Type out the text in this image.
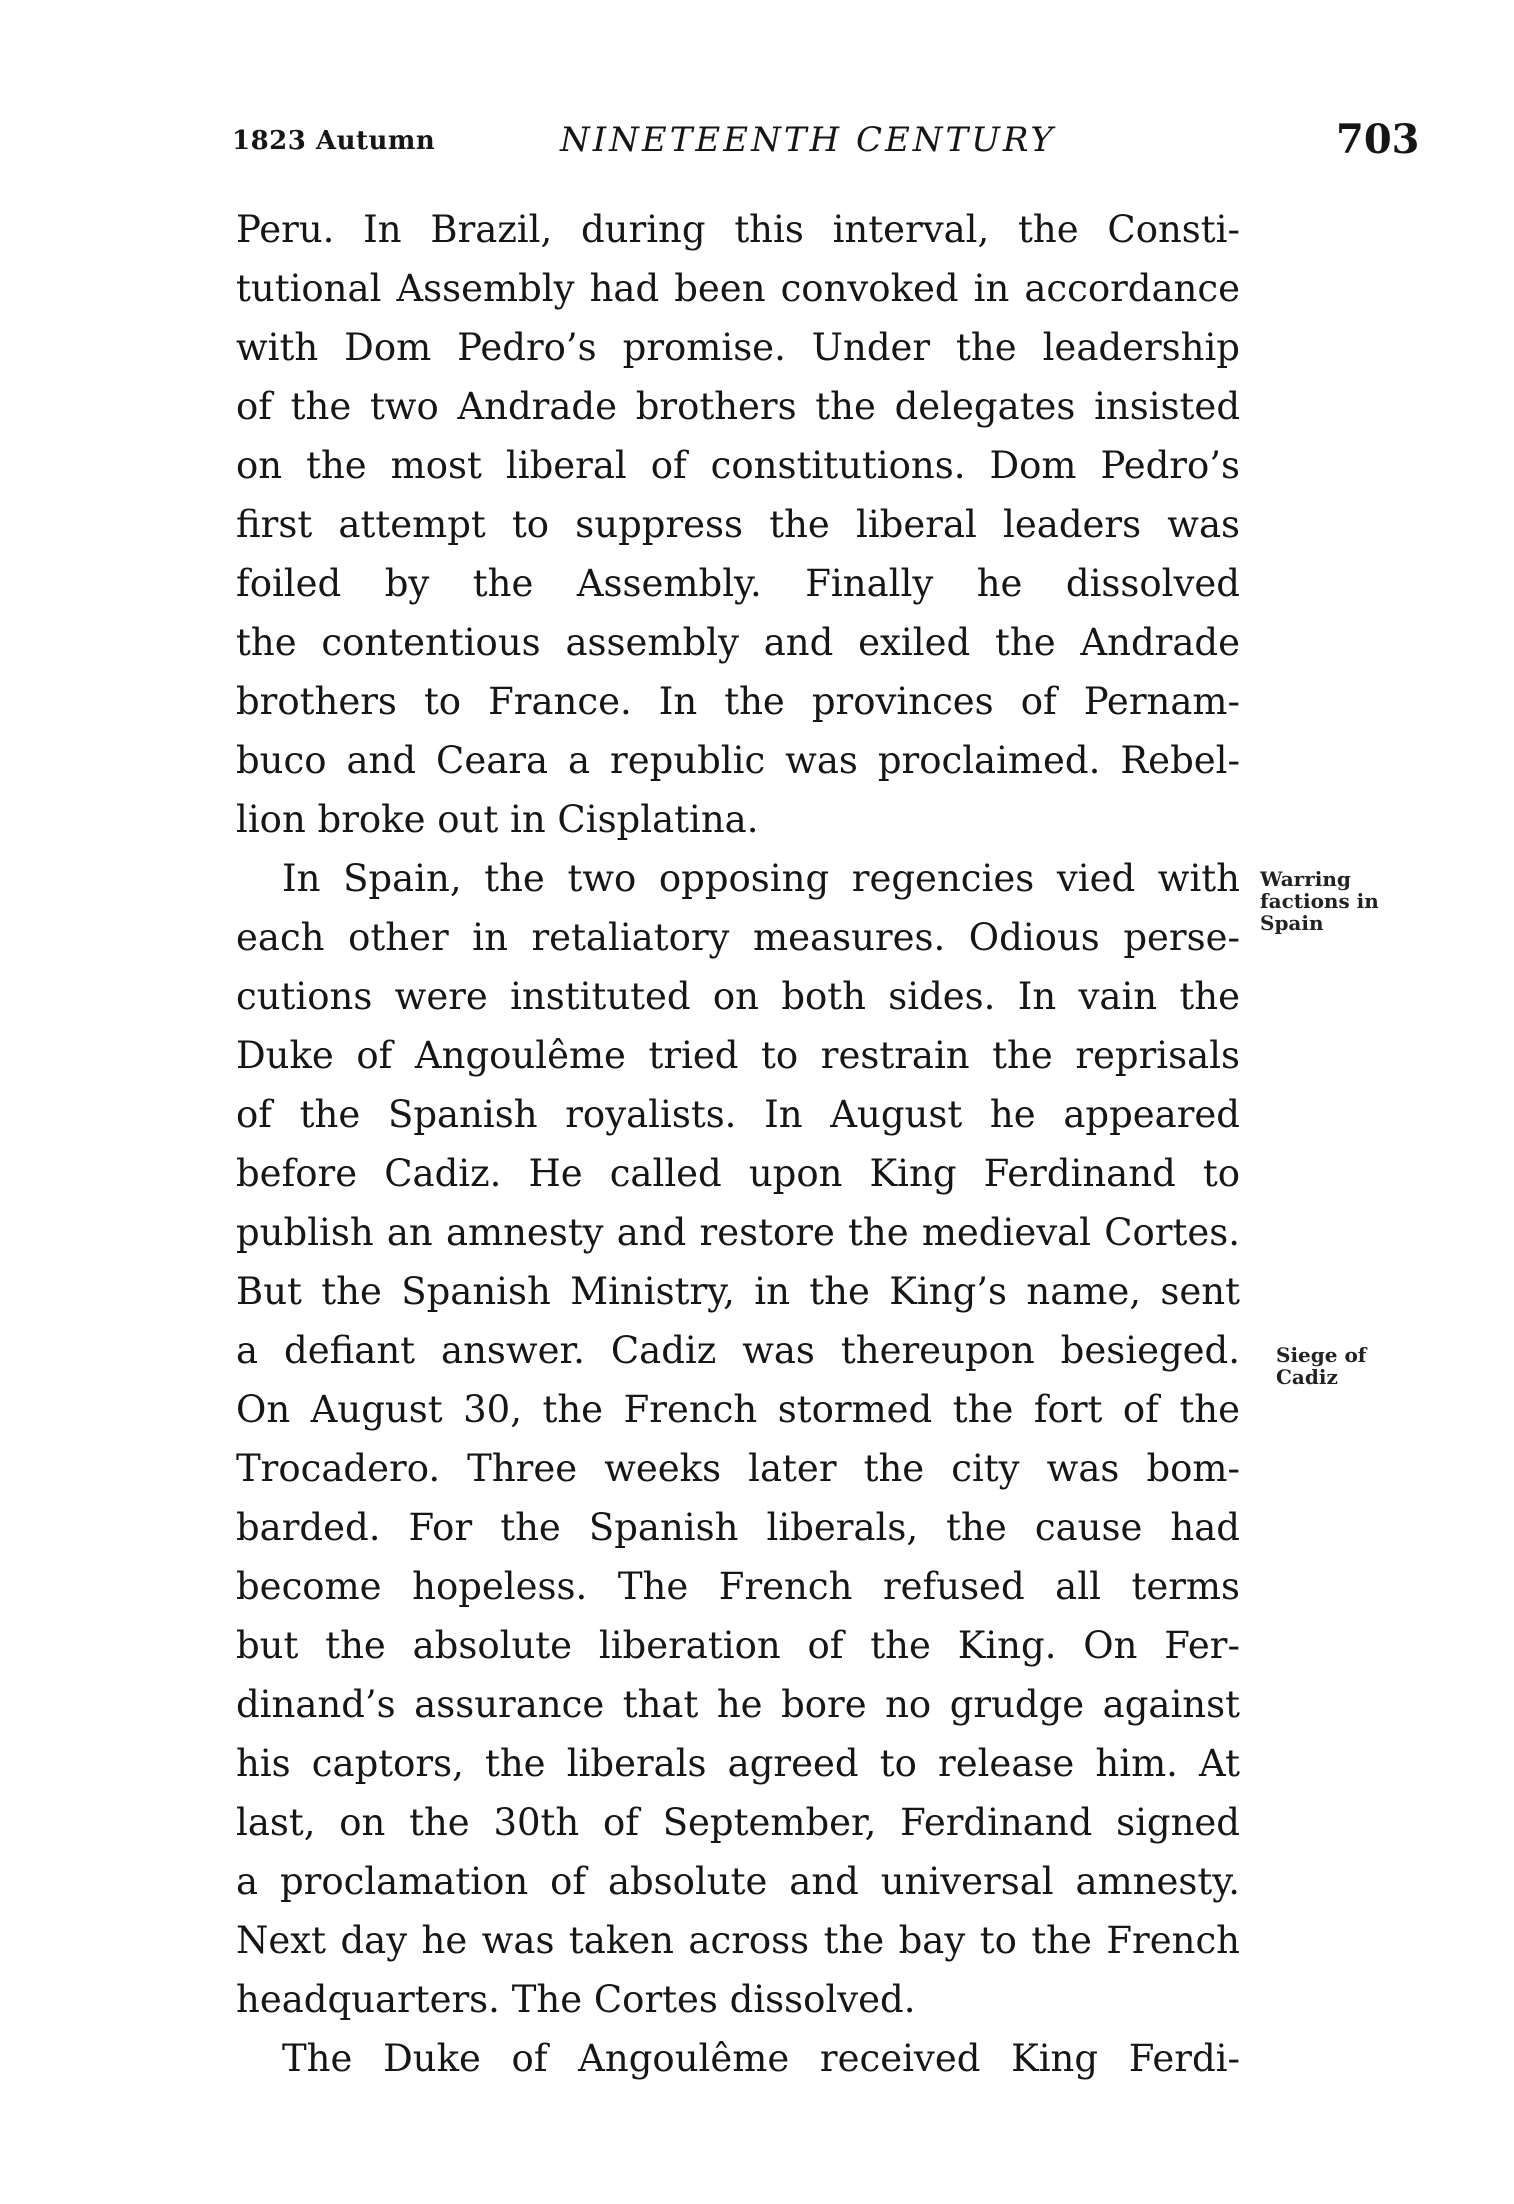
1823 Autumn	NINETEENTH CENTURY	703
Peru. In Brazil, during this interval, the Consti-
tutional Assembly had been convoked in accordance
with Dom Pedro’s promise. Under the leadership
of the two Andrade brothers the delegates insisted
on the most liberal of constitutions. Dom Pedro’s
first attempt to suppress the liberal leaders was
foiled by the Assembly. Finally he dissolved
the contentious assembly and exiled the Andrade
brothers to France. In the provinces of Pernam-
buco and Ceara a republic was proclaimed. Rebel-
lion broke out in Cisplatina.
In Spain, the two opposing regencies vied with
each other in retaliatory measures. Odious perse-
cutions were instituted on both sides. In vain the
Duke of Angoulême tried to restrain the reprisals
of the Spanish royalists. In August he appeared
before Cadiz. He called upon King Ferdinand to
publish an amnesty and restore the medieval Cortes.
But the Spanish Ministry, in the King’s name, sent
a defiant answer. Cadiz was thereupon besieged.
On August 30, the French stormed the fort of the
Trocadero. Three weeks later the city was bom-
barded. For the Spanish liberals, the cause had
become hopeless. The French refused all terms
but the absolute liberation of the King. On Fer-
dinand’s assurance that he bore no grudge against
his captors, the liberals agreed to release him. At
last, on the 30th of September, Ferdinand signed
a proclamation of absolute and universal amnesty.
Next day he was taken across the bay to the French
headquarters. The Cortes dissolved.
The Duke of Angoulême received King Ferdi-
Warring
factions in
Spain
Siege of
Cadiz
